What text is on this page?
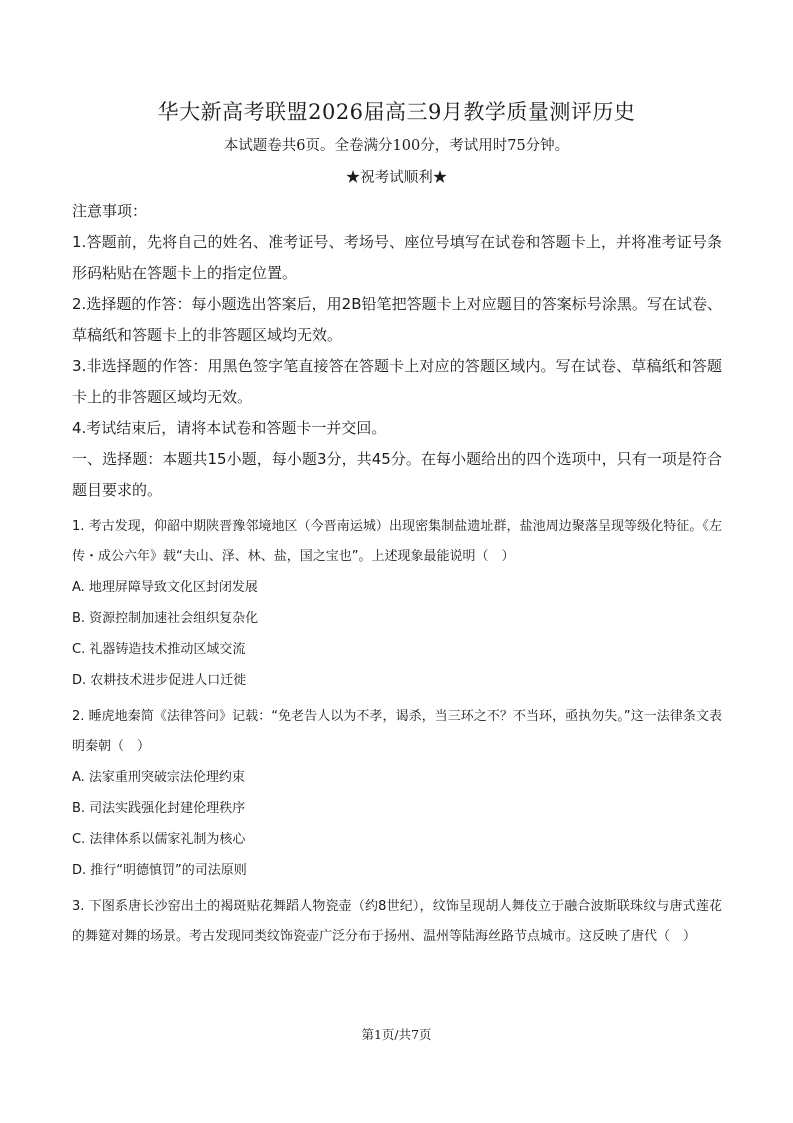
华大新高考联盟2026届高三9月教学质量测评历史
本试题卷共6页。全卷满分100分，考试用时75分钟。
★祝考试顺利★

注意事项：

1.答题前，先将自己的姓名、准考证号、考场号、座位号填写在试卷和答题卡上，并将准考证号条形码粘贴在答题卡上的指定位置。

2.选择题的作答：每小题选出答案后，用2B铅笔把答题卡上对应题目的答案标号涂黑。写在试卷、草稿纸和答题卡上的非答题区域均无效。

3.非选择题的作答：用黑色签字笔直接答在答题卡上对应的答题区域内。写在试卷、草稿纸和答题卡上的非答题区域均无效。

4.考试结束后，请将本试卷和答题卡一并交回。

一、选择题：本题共15小题，每小题3分，共45分。在每小题给出的四个选项中，只有一项是符合题目要求的。

1. 考古发现，仰韶中期陕晋豫邻境地区（今晋南运城）出现密集制盐遗址群，盐池周边聚落呈现等级化特征。《左传・成公六年》载“夫山、泽、林、盐，国之宝也”。上述现象最能说明（　）

A. 地理屏障导致文化区封闭发展

B. 资源控制加速社会组织复杂化

C. 礼器铸造技术推动区域交流

D. 农耕技术进步促进人口迁徙

2. 睡虎地秦简《法律答问》记载：“免老告人以为不孝，谒杀，当三环之不？不当环，亟执勿失。”这一法律条文表明秦朝（　）

A. 法家重刑突破宗法伦理约束

B. 司法实践强化封建伦理秩序

C. 法律体系以儒家礼制为核心

D. 推行“明德慎罚”的司法原则

3. 下图系唐长沙窑出土的褐斑贴花舞蹈人物瓷壶（约8世纪），纹饰呈现胡人舞伎立于融合波斯联珠纹与唐式莲花的舞筵对舞的场景。考古发现同类纹饰瓷壶广泛分布于扬州、温州等陆海丝路节点城市。这反映了唐代（　）

第1页/共7页
